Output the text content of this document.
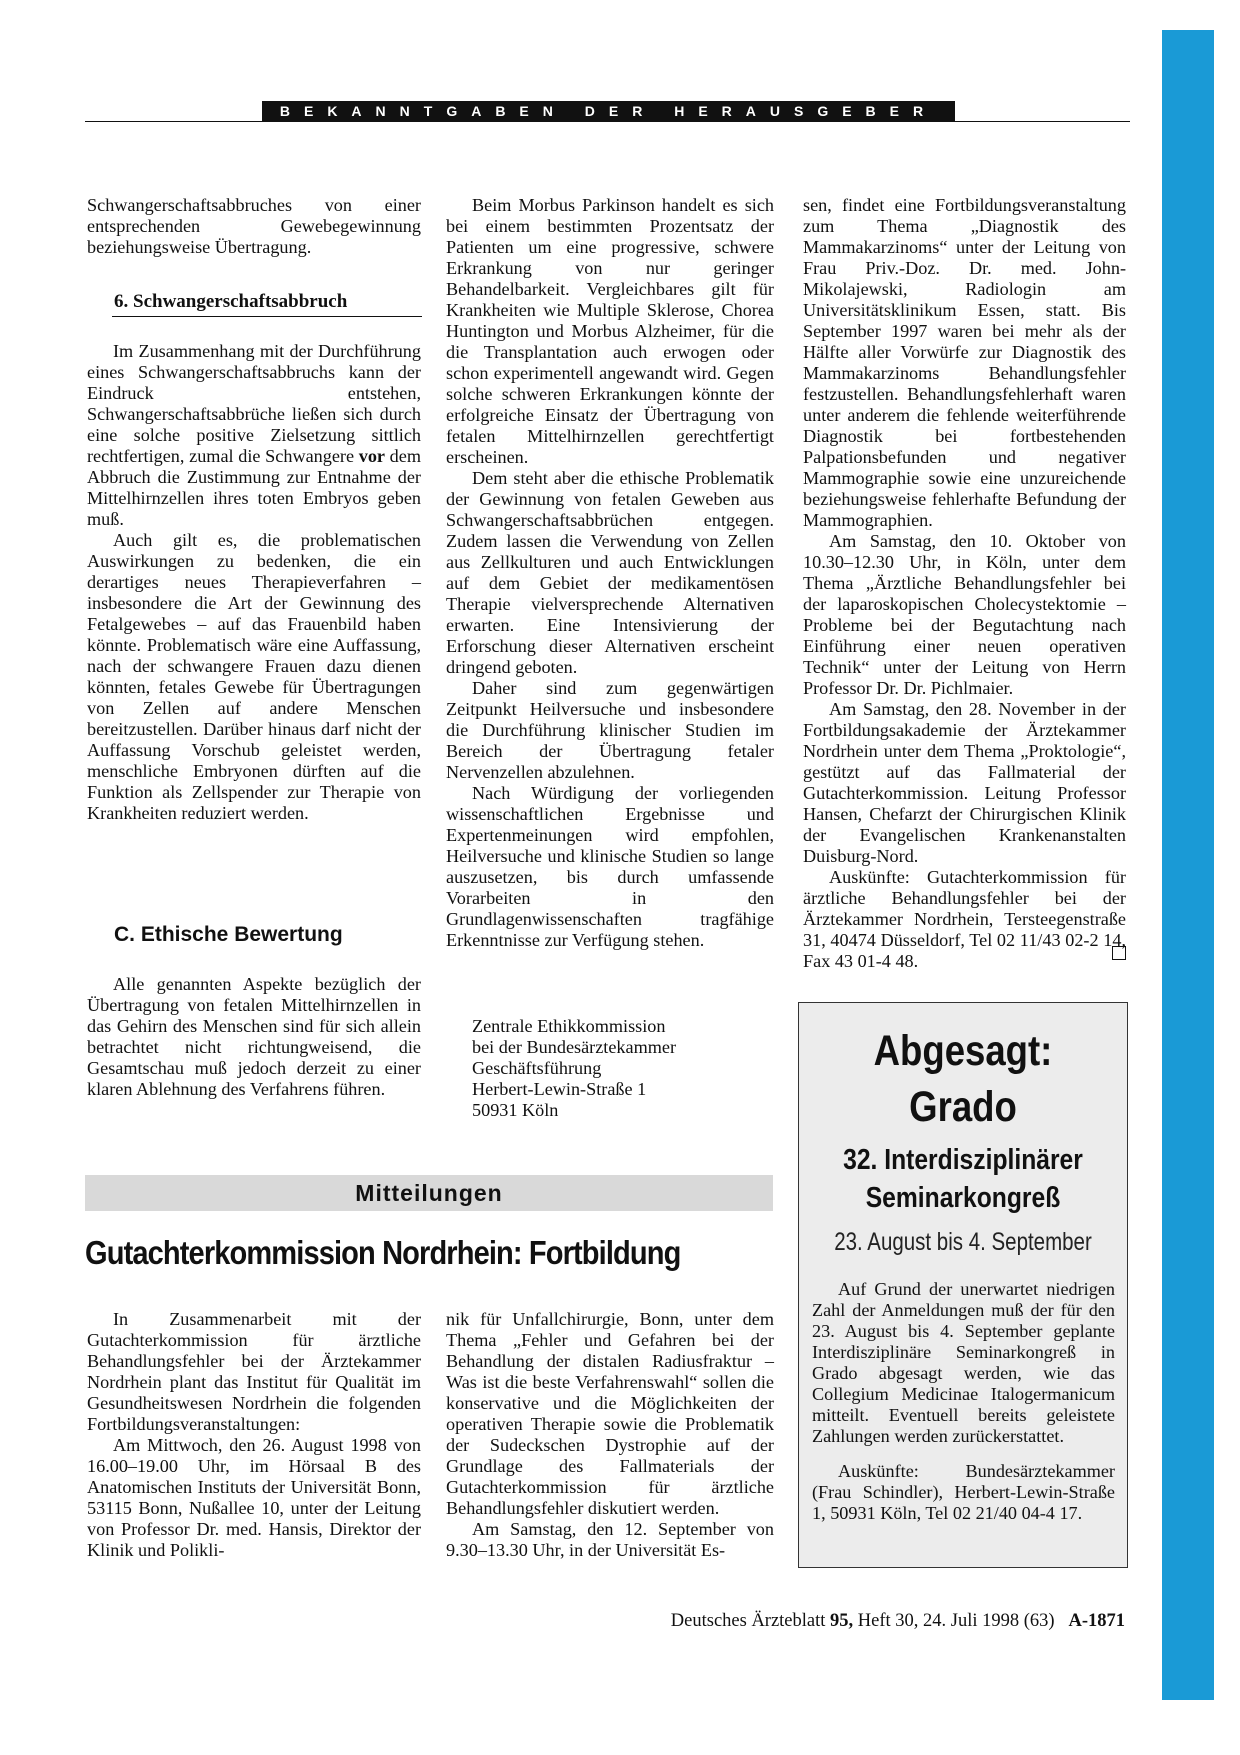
BEKANNTGABEN DER HERAUSGEBER

Schwangerschaftsabbruches von einer entsprechenden Gewebegewinnung beziehungsweise Übertragung.

6. Schwangerschaftsabbruch

Im Zusammenhang mit der Durchführung eines Schwangerschaftsabbruchs kann der Eindruck entstehen, Schwangerschaftsabbrüche ließen sich durch eine solche positive Zielsetzung sittlich rechtfertigen, zumal die Schwangere vor dem Abbruch die Zustimmung zur Entnahme der Mittelhirnzellen ihres toten Embryos geben muß.

Auch gilt es, die problematischen Auswirkungen zu bedenken, die ein derartiges neues Therapieverfahren – insbesondere die Art der Gewinnung des Fetalgewebes – auf das Frauenbild haben könnte. Problematisch wäre eine Auffassung, nach der schwangere Frauen dazu dienen könnten, fetales Gewebe für Übertragungen von Zellen auf andere Menschen bereitzustellen. Darüber hinaus darf nicht der Auffassung Vorschub geleistet werden, menschliche Embryonen dürften auf die Funktion als Zellspender zur Therapie von Krankheiten reduziert werden.

C. Ethische Bewertung

Alle genannten Aspekte bezüglich der Übertragung von fetalen Mittelhirnzellen in das Gehirn des Menschen sind für sich allein betrachtet nicht richtungweisend, die Gesamtschau muß jedoch derzeit zu einer klaren Ablehnung des Verfahrens führen.

Beim Morbus Parkinson handelt es sich bei einem bestimmten Prozentsatz der Patienten um eine progressive, schwere Erkrankung von nur geringer Behandelbarkeit. Vergleichbares gilt für Krankheiten wie Multiple Sklerose, Chorea Huntington und Morbus Alzheimer, für die die Transplantation auch erwogen oder schon experimentell angewandt wird. Gegen solche schweren Erkrankungen könnte der erfolgreiche Einsatz der Übertragung von fetalen Mittelhirnzellen gerechtfertigt erscheinen.

Dem steht aber die ethische Problematik der Gewinnung von fetalen Geweben aus Schwangerschaftsabbrüchen entgegen. Zudem lassen die Verwendung von Zellen aus Zellkulturen und auch Entwicklungen auf dem Gebiet der medikamentösen Therapie vielversprechende Alternativen erwarten. Eine Intensivierung der Erforschung dieser Alternativen erscheint dringend geboten.

Daher sind zum gegenwärtigen Zeitpunkt Heilversuche und insbesondere die Durchführung klinischer Studien im Bereich der Übertragung fetaler Nervenzellen abzulehnen.

Nach Würdigung der vorliegenden wissenschaftlichen Ergebnisse und Expertenmeinungen wird empfohlen, Heilversuche und klinische Studien so lange auszusetzen, bis durch umfassende Vorarbeiten in den Grundlagenwissenschaften tragfähige Erkenntnisse zur Verfügung stehen.

Zentrale Ethikkommission
bei der Bundesärztekammer
Geschäftsführung
Herbert-Lewin-Straße 1
50931 Köln

sen, findet eine Fortbildungsveranstaltung zum Thema „Diagnostik des Mammakarzinoms“ unter der Leitung von Frau Priv.-Doz. Dr. med. John-Mikolajewski, Radiologin am Universitätsklinikum Essen, statt. Bis September 1997 waren bei mehr als der Hälfte aller Vorwürfe zur Diagnostik des Mammakarzinoms Behandlungsfehler festzustellen. Behandlungsfehlerhaft waren unter anderem die fehlende weiterführende Diagnostik bei fortbestehenden Palpationsbefunden und negativer Mammographie sowie eine unzureichende beziehungsweise fehlerhafte Befundung der Mammographien.

Am Samstag, den 10. Oktober von 10.30–12.30 Uhr, in Köln, unter dem Thema „Ärztliche Behandlungsfehler bei der laparoskopischen Cholecystektomie – Probleme bei der Begutachtung nach Einführung einer neuen operativen Technik“ unter der Leitung von Herrn Professor Dr. Dr. Pichlmaier.

Am Samstag, den 28. November in der Fortbildungsakademie der Ärztekammer Nordrhein unter dem Thema „Proktologie“, gestützt auf das Fallmaterial der Gutachterkommission. Leitung Professor Hansen, Chefarzt der Chirurgischen Klinik der Evangelischen Krankenanstalten Duisburg-Nord.

Auskünfte: Gutachterkommission für ärztliche Behandlungsfehler bei der Ärztekammer Nordrhein, Tersteegenstraße 31, 40474 Düsseldorf, Tel 02 11/43 02-2 14, Fax 43 01-4 48.

Mitteilungen
Gutachterkommission Nordrhein: Fortbildung

In Zusammenarbeit mit der Gutachterkommission für ärztliche Behandlungsfehler bei der Ärztekammer Nordrhein plant das Institut für Qualität im Gesundheitswesen Nordrhein die folgenden Fortbildungsveranstaltungen:

Am Mittwoch, den 26. August 1998 von 16.00–19.00 Uhr, im Hörsaal B des Anatomischen Instituts der Universität Bonn, 53115 Bonn, Nußallee 10, unter der Leitung von Professor Dr. med. Hansis, Direktor der Klinik und Polikli-

nik für Unfallchirurgie, Bonn, unter dem Thema „Fehler und Gefahren bei der Behandlung der distalen Radiusfraktur – Was ist die beste Verfahrenswahl“ sollen die konservative und die Möglichkeiten der operativen Therapie sowie die Problematik der Sudeckschen Dystrophie auf der Grundlage des Fallmaterials der Gutachterkommission für ärztliche Behandlungsfehler diskutiert werden.

Am Samstag, den 12. September von 9.30–13.30 Uhr, in der Universität Es-

Abgesagt:
Grado
32. Interdisziplinärer
Seminarkongreß
23. August bis 4. September

Auf Grund der unerwartet niedrigen Zahl der Anmeldungen muß der für den 23. August bis 4. September geplante Interdisziplinäre Seminarkongreß in Grado abgesagt werden, wie das Collegium Medicinae Italogermanicum mitteilt. Eventuell bereits geleistete Zahlungen werden zurückerstattet.

Auskünfte: Bundesärztekammer (Frau Schindler), Herbert-Lewin-Straße 1, 50931 Köln, Tel 02 21/40 04-4 17.

Deutsches Ärzteblatt 95, Heft 30, 24. Juli 1998 (63) A-1871
